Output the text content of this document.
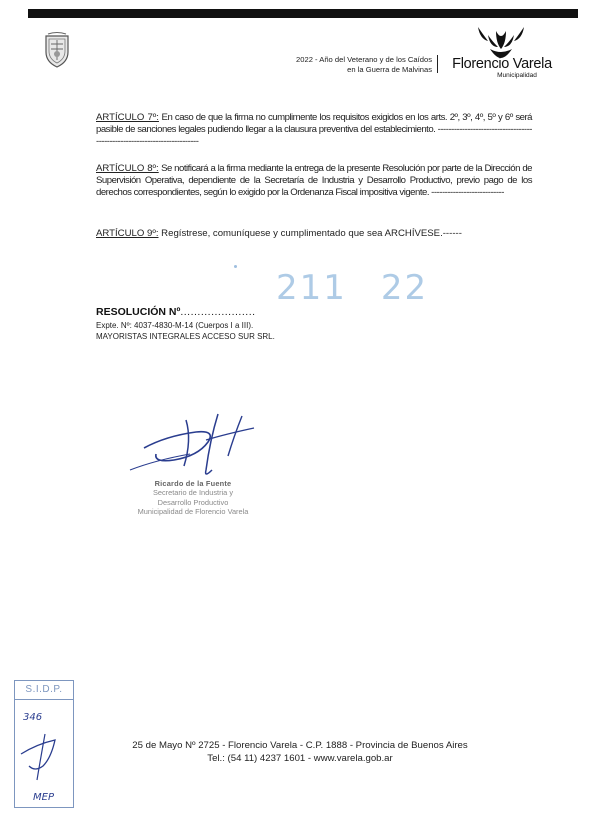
2022 - Año del Veterano y de los Caídos
en la Guerra de Malvinas Florencio Varela
Municipalidad
ARTÍCULO 7º: En caso de que la firma no cumplimente los requisitos exigidos en los arts. 2º, 3º, 4º, 5º y 6º será pasible de sanciones legales pudiendo llegar a la clausura preventiva del establecimiento. -------------------------------------------------------------------------
ARTÍCULO 8º: Se notificará a la firma mediante la entrega de la presente Resolución por parte de la Dirección de Supervisión Operativa, dependiente de la Secretaría de Industria y Desarrollo Productivo, previo pago de los derechos correspondientes, según lo exigido por la Ordenanza Fiscal impositiva vigente. ---------------------------
ARTÍCULO 9º: Regístrese, comuníquese y cumplimentado que sea ARCHÍVESE.------
211 22
RESOLUCIÓN Nº......................
Expte. Nº: 4037-4830-M-14 (Cuerpos I a III).
MAYORISTAS INTEGRALES ACCESO SUR SRL.
Ricardo de la Fuente
Secretario de Industria y
Desarrollo Productivo
Municipalidad de Florencio Varela
S.I.D.P.
346
MEP
25 de Mayo Nº 2725 - Florencio Varela - C.P. 1888 - Provincia de Buenos Aires
Tel.: (54 11) 4237 1601 - www.varela.gob.ar
